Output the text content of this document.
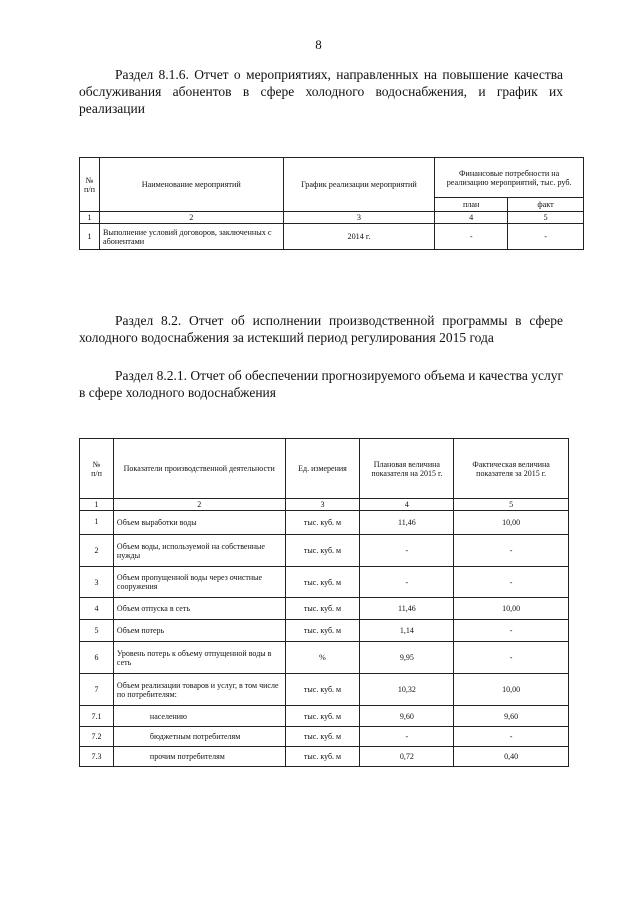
8
Раздел 8.1.6. Отчет о мероприятиях, направленных на повышение качества обслуживания абонентов в сфере холодного водоснабжения, и график их реализации
№ п/п	Наименование мероприятий	График реализации мероприятий	Финансовые потребности на реализацию мероприятий, тыс. руб.	
			план	факт
1	2	3	4	5
1	Выполнение условий договоров, заключенных с абонентами	2014 г.	-	-
Раздел 8.2. Отчет об исполнении производственной программы в сфере холодного водоснабжения за истекший период регулирования 2015 года
Раздел 8.2.1. Отчет об обеспечении прогнозируемого объема и качества услуг в сфере холодного водоснабжения
№
п/п	Показатели производственной деятельности	Ед. измерения	Плановая величина показателя на 2015 г.	Фактическая величина показателя за 2015 г.
1	2	3	4	5
1	Объем выработки воды	тыс. куб. м	11,46	10,00
2	Объем воды, используемой на собственные нужды	тыс. куб. м	-	-
3	Объем пропущенной воды через очистные сооружения	тыс. куб. м	-	-
4	Объем отпуска в сеть	тыс. куб. м	11,46	10,00
5	Объем потерь	тыс. куб. м	1,14	-
6	Уровень потерь к объему отпущенной воды в сеть	%	9,95	-
7	Объем реализации товаров и услуг, в том числе по потребителям:	тыс. куб. м	10,32	10,00
7.1	населению	тыс. куб. м	9,60	9,60
7.2	бюджетным потребителям	тыс. куб. м	-	-
7.3	прочим потребителям	тыс. куб. м	0,72	0,40
